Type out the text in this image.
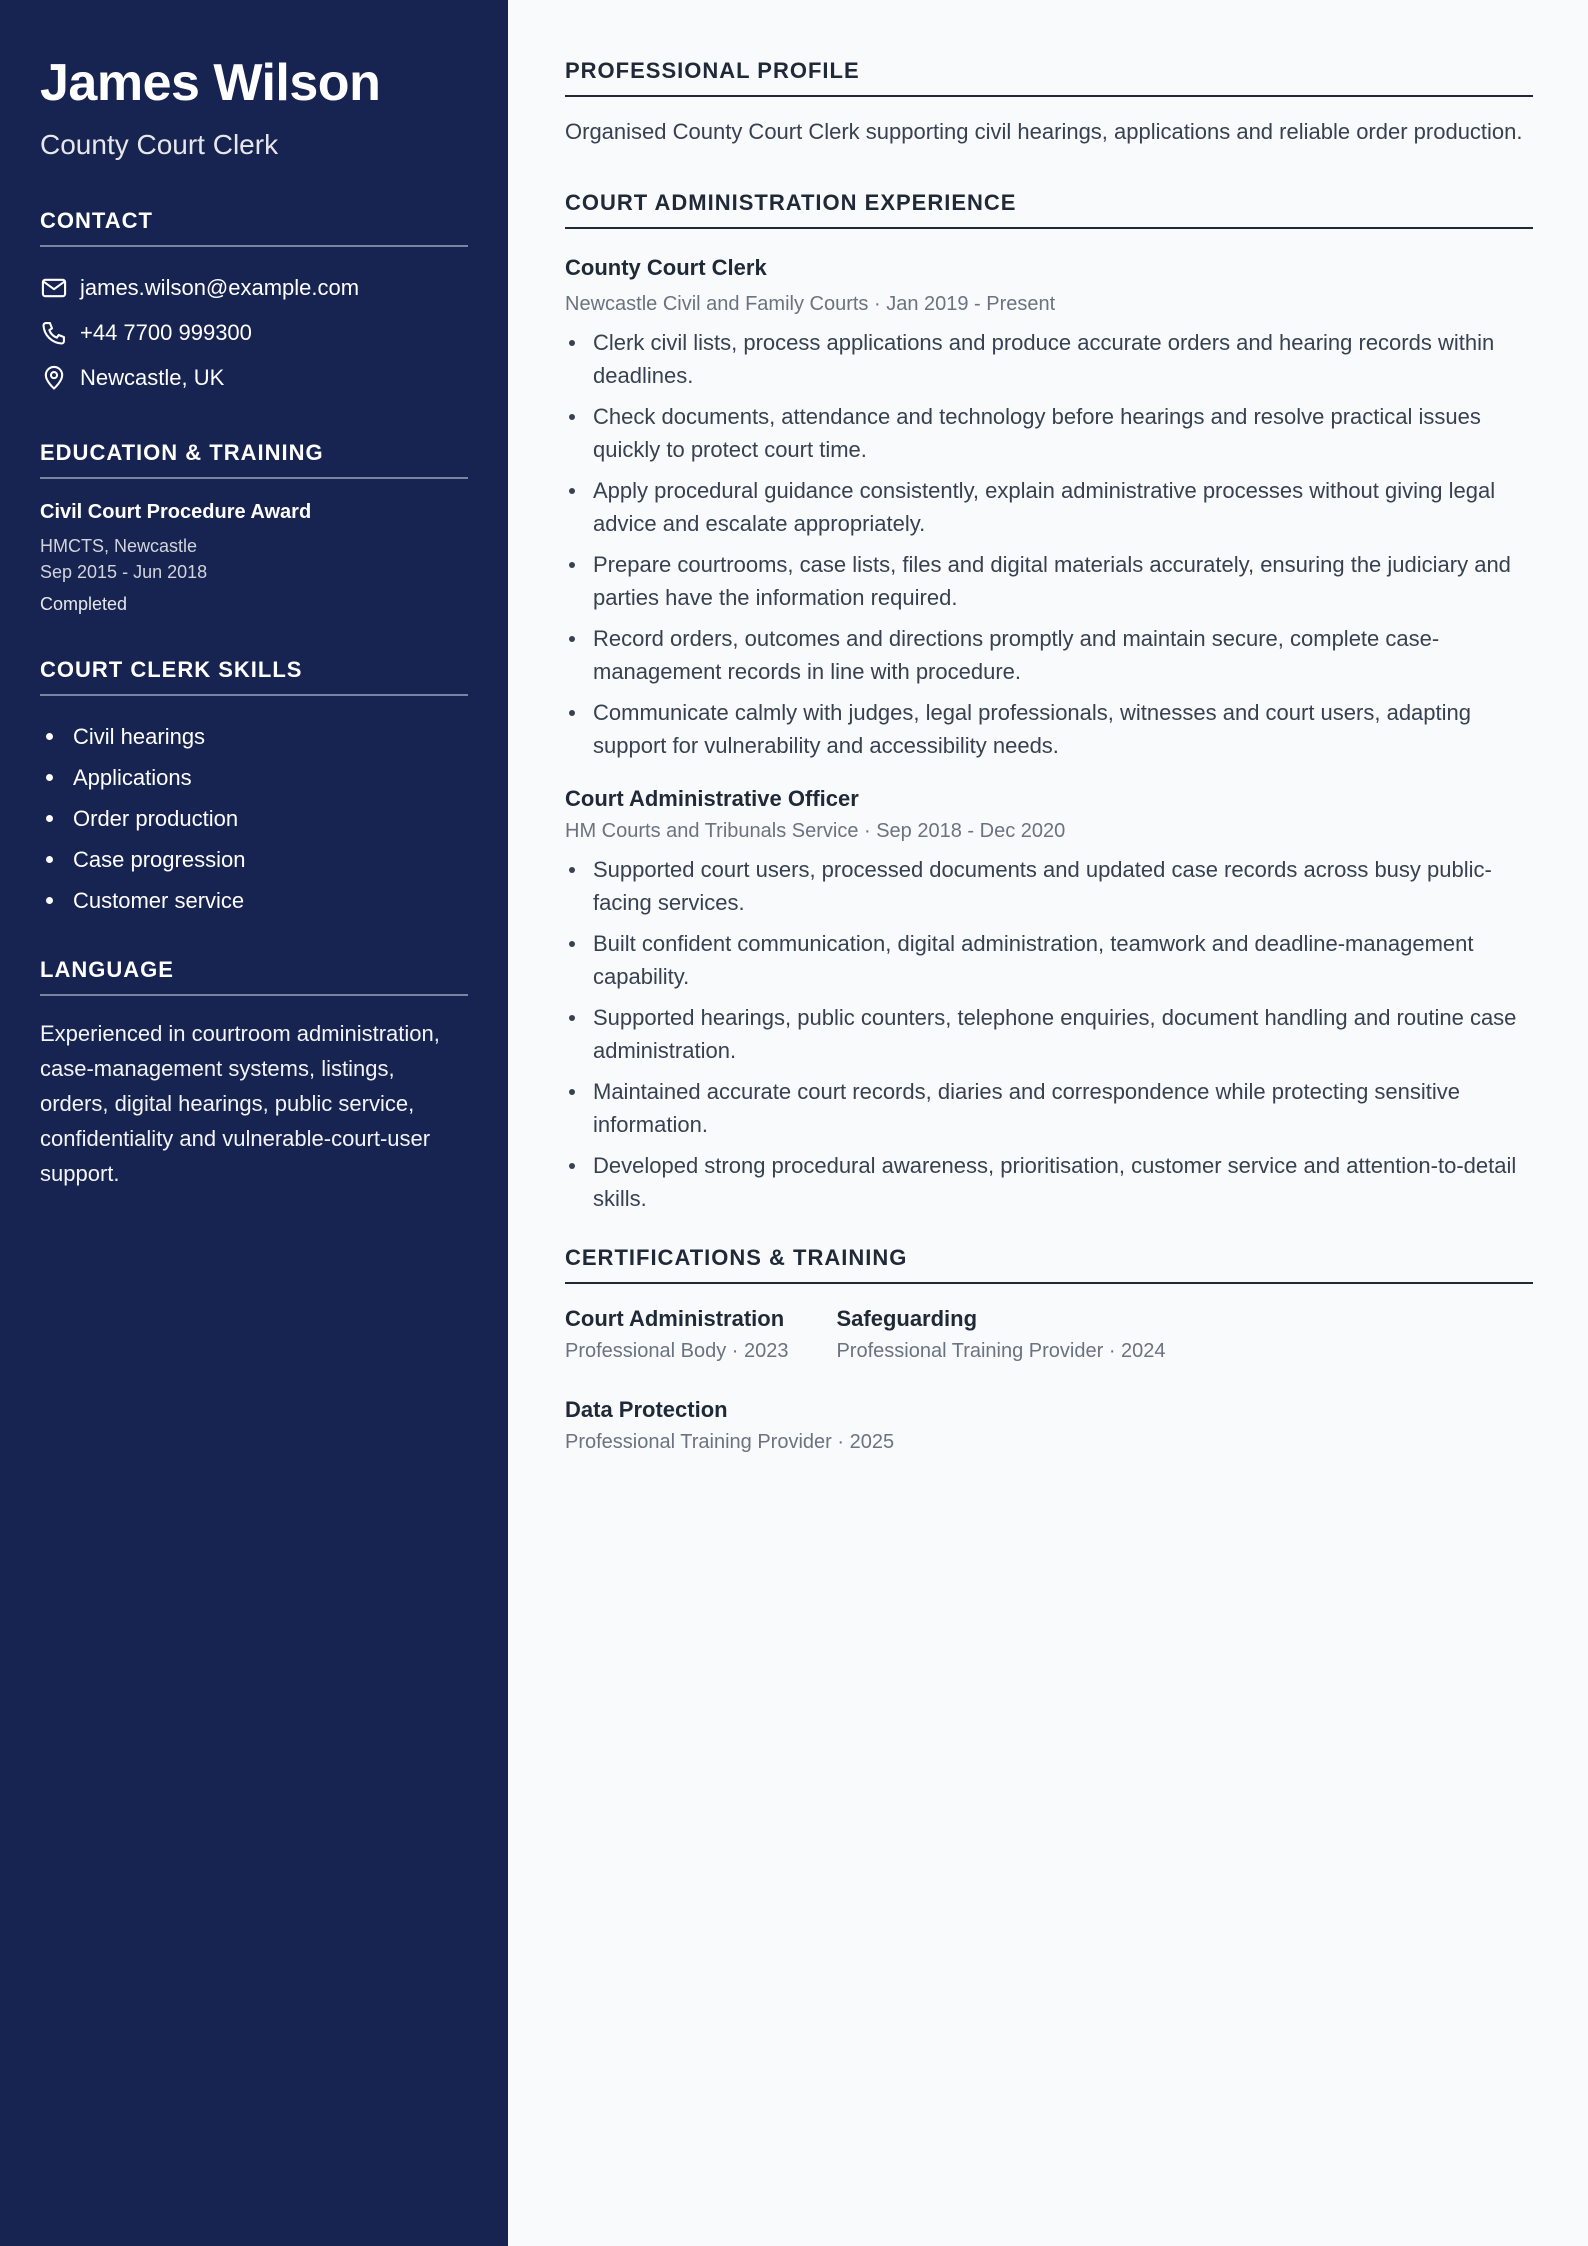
James Wilson
County Court Clerk
CONTACT
james.wilson@example.com
+44 7700 999300
Newcastle, UK
EDUCATION & TRAINING
Civil Court Procedure Award
HMCTS, Newcastle
Sep 2015 - Jun 2018
Completed
COURT CLERK SKILLS
Civil hearings
Applications
Order production
Case progression
Customer service
LANGUAGE

Experienced in courtroom administration, case-management systems, listings, orders, digital hearings, public service, confidentiality and vulnerable-court-user support.

PROFESSIONAL PROFILE

Organised County Court Clerk supporting civil hearings, applications and reliable order production.

COURT ADMINISTRATION EXPERIENCE
County Court Clerk
Newcastle Civil and Family Courts · Jan 2019 - Present
Clerk civil lists, process applications and produce accurate orders and hearing records within deadlines.
Check documents, attendance and technology before hearings and resolve practical issues quickly to protect court time.
Apply procedural guidance consistently, explain administrative processes without giving legal advice and escalate appropriately.
Prepare courtrooms, case lists, files and digital materials accurately, ensuring the judiciary and parties have the information required.
Record orders, outcomes and directions promptly and maintain secure, complete case-management records in line with procedure.
Communicate calmly with judges, legal professionals, witnesses and court users, adapting support for vulnerability and accessibility needs.
Court Administrative Officer
HM Courts and Tribunals Service · Sep 2018 - Dec 2020
Supported court users, processed documents and updated case records across busy public-facing services.
Built confident communication, digital administration, teamwork and deadline-management capability.
Supported hearings, public counters, telephone enquiries, document handling and routine case administration.
Maintained accurate court records, diaries and correspondence while protecting sensitive information.
Developed strong procedural awareness, prioritisation, customer service and attention-to-detail skills.
CERTIFICATIONS & TRAINING
Court Administration
Professional Body · 2023
Safeguarding
Professional Training Provider · 2024
Data Protection
Professional Training Provider · 2025
